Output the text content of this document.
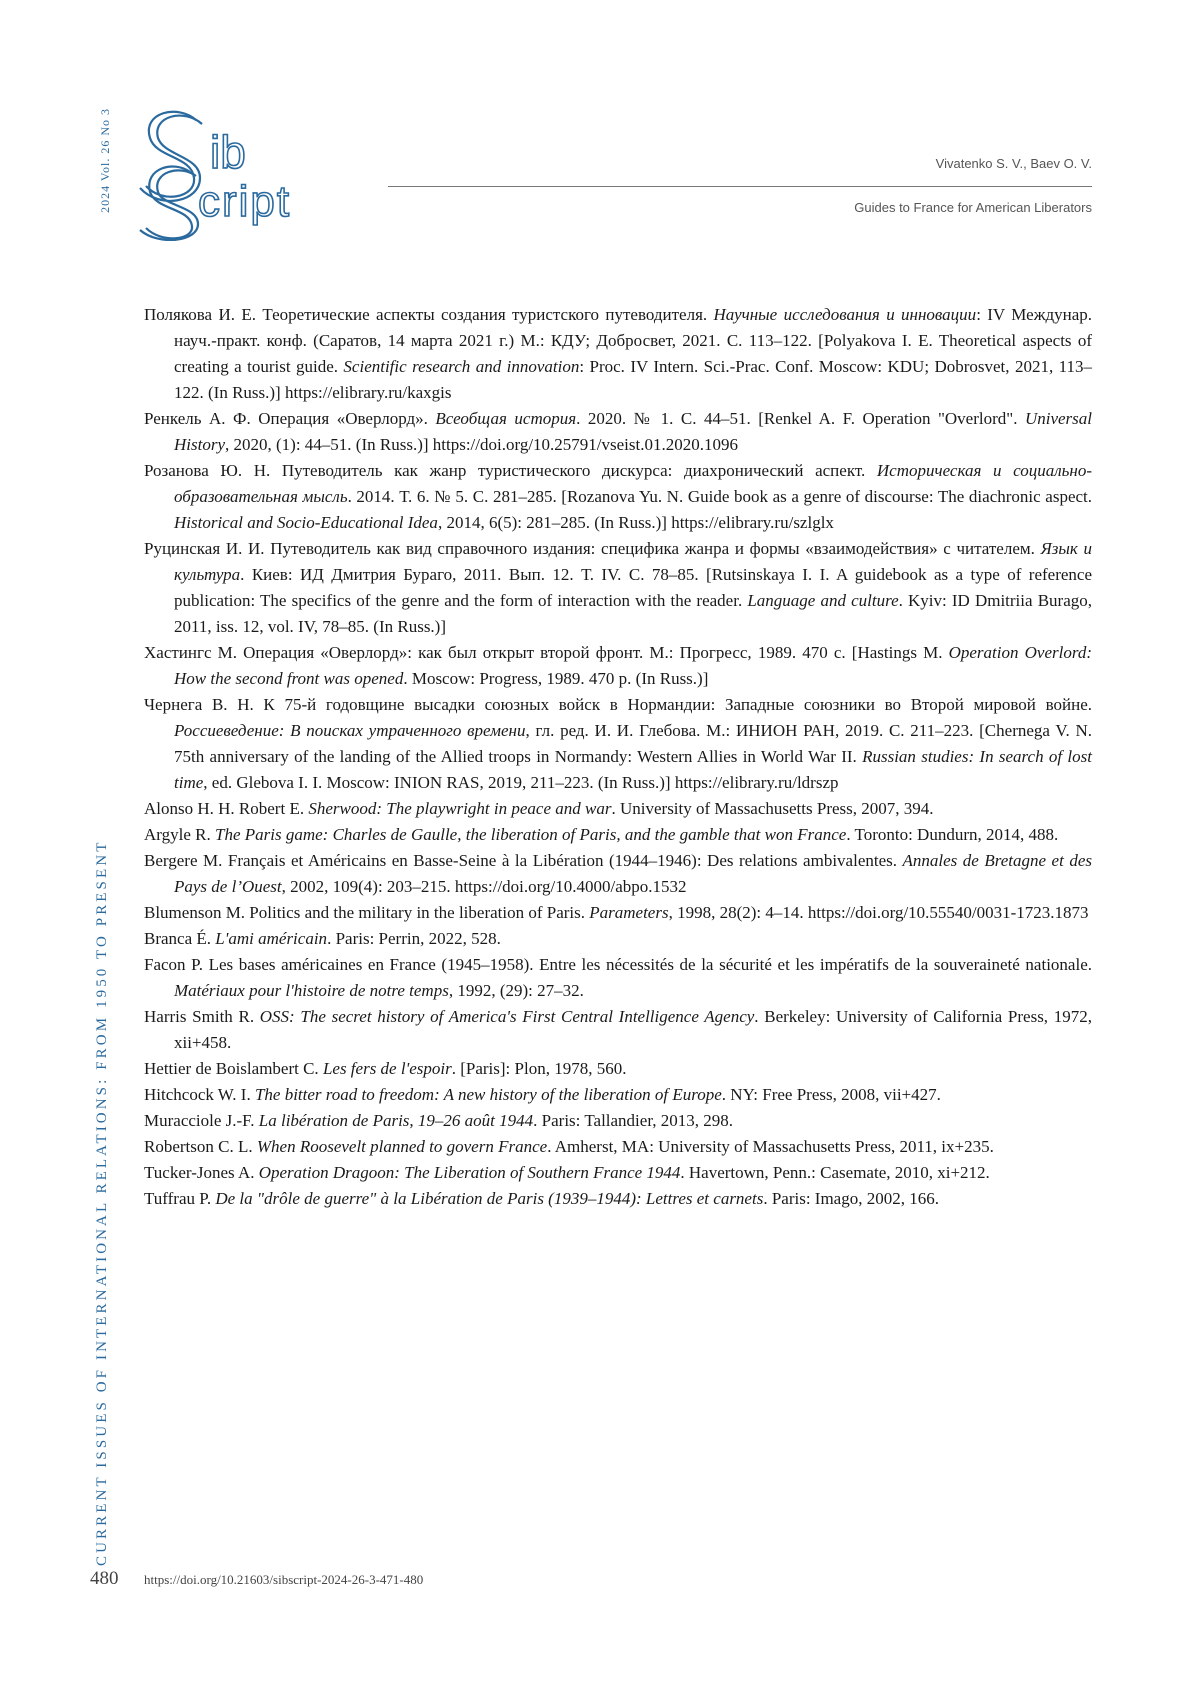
2024 Vol. 26 No 3
CURRENT ISSUES OF INTERNATIONAL RELATIONS: FROM 1950 TO PRESENT
ib
cript
Vivatenko S. V., Baev O. V.
Guides to France for American Liberators

Полякова И. Е. Теоретические аспекты создания туристского путеводителя. Научные исследования и инновации: IV Междунар. науч.-практ. конф. (Саратов, 14 марта 2021 г.) М.: КДУ; Добросвет, 2021. С. 113–122. [Polyakova I. E. Theoretical aspects of creating a tourist guide. Scientific research and innovation: Proc. IV Intern. Sci.-Prac. Conf. Moscow: KDU; Dobrosvet, 2021, 113–122. (In Russ.)] https://elibrary.ru/kaxgis

Ренкель А. Ф. Операция «Оверлорд». Всеобщая история. 2020. № 1. С. 44–51. [Renkel A. F. Operation "Overlord". Universal History, 2020, (1): 44–51. (In Russ.)] https://doi.org/10.25791/vseist.01.2020.1096

Розанова Ю. Н. Путеводитель как жанр туристического дискурса: диахронический аспект. Историческая и социально-образовательная мысль. 2014. Т. 6. № 5. С. 281–285. [Rozanova Yu. N. Guide book as a genre of discourse: The diachronic aspect. Historical and Socio-Educational Idea, 2014, 6(5): 281–285. (In Russ.)] https://elibrary.ru/szlglx

Руцинская И. И. Путеводитель как вид справочного издания: специфика жанра и формы «взаимодействия» с читателем. Язык и культура. Киев: ИД Дмитрия Бураго, 2011. Вып. 12. Т. IV. С. 78–85. [Rutsinskaya I. I. A guidebook as a type of reference publication: The specifics of the genre and the form of interaction with the reader. Language and culture. Kyiv: ID Dmitriia Burago, 2011, iss. 12, vol. IV, 78–85. (In Russ.)]

Хастингс М. Операция «Оверлорд»: как был открыт второй фронт. М.: Прогресс, 1989. 470 с. [Hastings M. Operation Overlord: How the second front was opened. Moscow: Progress, 1989. 470 p. (In Russ.)]

Чернега В. Н. К 75-й годовщине высадки союзных войск в Нормандии: Западные союзники во Второй мировой войне. Россиеведение: В поисках утраченного времени, гл. ред. И. И. Глебова. М.: ИНИОН РАН, 2019. С. 211–223. [Chernega V. N. 75th anniversary of the landing of the Allied troops in Normandy: Western Allies in World War II. Russian studies: In search of lost time, ed. Glebova I. I. Moscow: INION RAS, 2019, 211–223. (In Russ.)] https://elibrary.ru/ldrszp

Alonso H. H. Robert E. Sherwood: The playwright in peace and war. University of Massachusetts Press, 2007, 394.

Argyle R. The Paris game: Charles de Gaulle, the liberation of Paris, and the gamble that won France. Toronto: Dundurn, 2014, 488.

Bergere M. Français et Américains en Basse-Seine à la Libération (1944–1946): Des relations ambivalentes. Annales de Bretagne et des Pays de l’Ouest, 2002, 109(4): 203–215. https://doi.org/10.4000/abpo.1532

Blumenson M. Politics and the military in the liberation of Paris. Parameters, 1998, 28(2): 4–14. https://doi.org/10.55540/0031-1723.1873

Branca É. L'ami américain. Paris: Perrin, 2022, 528.

Facon P. Les bases américaines en France (1945–1958). Entre les nécessités de la sécurité et les impératifs de la souveraineté nationale. Matériaux pour l'histoire de notre temps, 1992, (29): 27–32.

Harris Smith R. OSS: The secret history of America's First Central Intelligence Agency. Berkeley: University of California Press, 1972, xii+458.

Hettier de Boislambert C. Les fers de l'espoir. [Paris]: Plon, 1978, 560.

Hitchcock W. I. The bitter road to freedom: A new history of the liberation of Europe. NY: Free Press, 2008, vii+427.

Muracciole J.-F. La libération de Paris, 19–26 août 1944. Paris: Tallandier, 2013, 298.

Robertson C. L. When Roosevelt planned to govern France. Amherst, MA: University of Massachusetts Press, 2011, ix+235.

Tucker-Jones A. Operation Dragoon: The Liberation of Southern France 1944. Havertown, Penn.: Casemate, 2010, xi+212.

Tuffrau P. De la "drôle de guerre" à la Libération de Paris (1939–1944): Lettres et carnets. Paris: Imago, 2002, 166.

480 https://doi.org/10.21603/sibscript-2024-26-3-471-480
